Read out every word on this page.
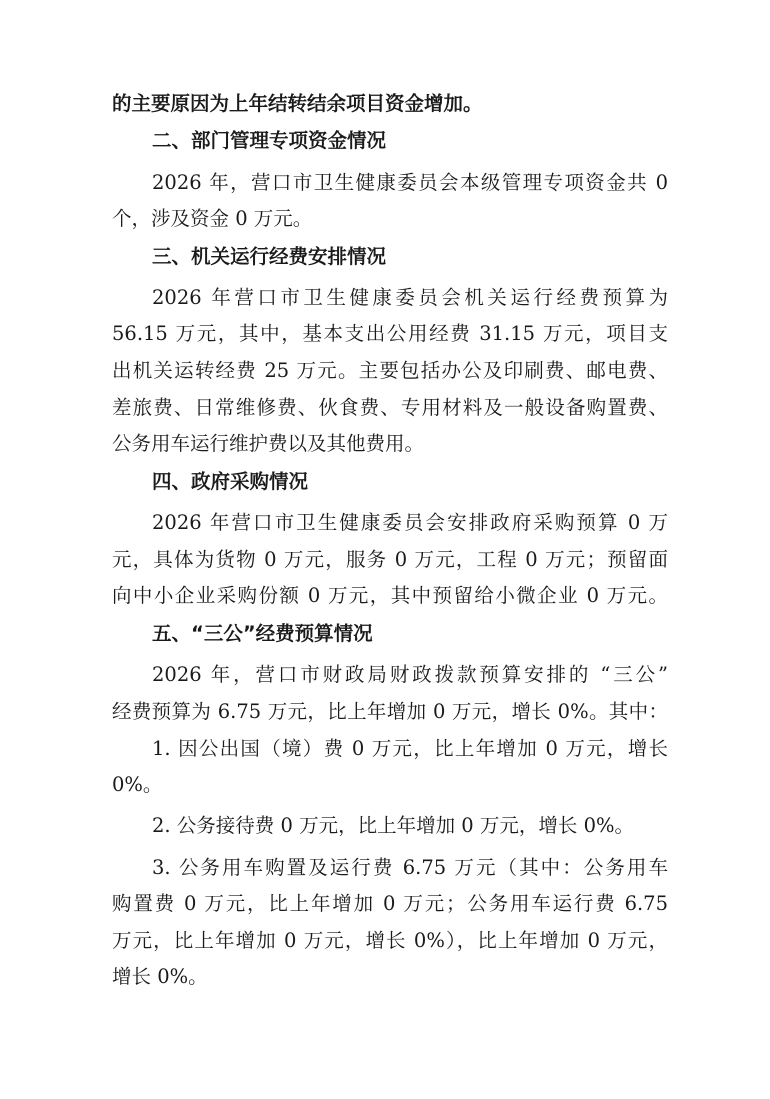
的主要原因为上年结转结余项目资金增加。
二、部门管理专项资金情况
2026 年，营口市卫生健康委员会本级管理专项资金共 0
个，涉及资金 0 万元。
三、机关运行经费安排情况
2026 年营口市卫生健康委员会机关运行经费预算为
56.15 万元，其中，基本支出公用经费 31.15 万元，项目支
出机关运转经费 25 万元。主要包括办公及印刷费、邮电费、
差旅费、日常维修费、伙食费、专用材料及一般设备购置费、
公务用车运行维护费以及其他费用。
四、政府采购情况
2026 年营口市卫生健康委员会安排政府采购预算 0 万
元，具体为货物 0 万元，服务 0 万元，工程 0 万元；预留面
向中小企业采购份额 0 万元，其中预留给小微企业 0 万元。
五、“三公”经费预算情况
2026 年，营口市财政局财政拨款预算安排的 “三公”
经费预算为 6.75 万元，比上年增加 0 万元，增长 0%。其中：
1. 因公出国（境）费 0 万元，比上年增加 0 万元，增长
0%。
2. 公务接待费 0 万元，比上年增加 0 万元，增长 0%。
3. 公务用车购置及运行费 6.75 万元（其中：公务用车
购置费 0 万元，比上年增加 0 万元；公务用车运行费 6.75
万元，比上年增加 0 万元，增长 0%），比上年增加 0 万元，
增长 0%。
